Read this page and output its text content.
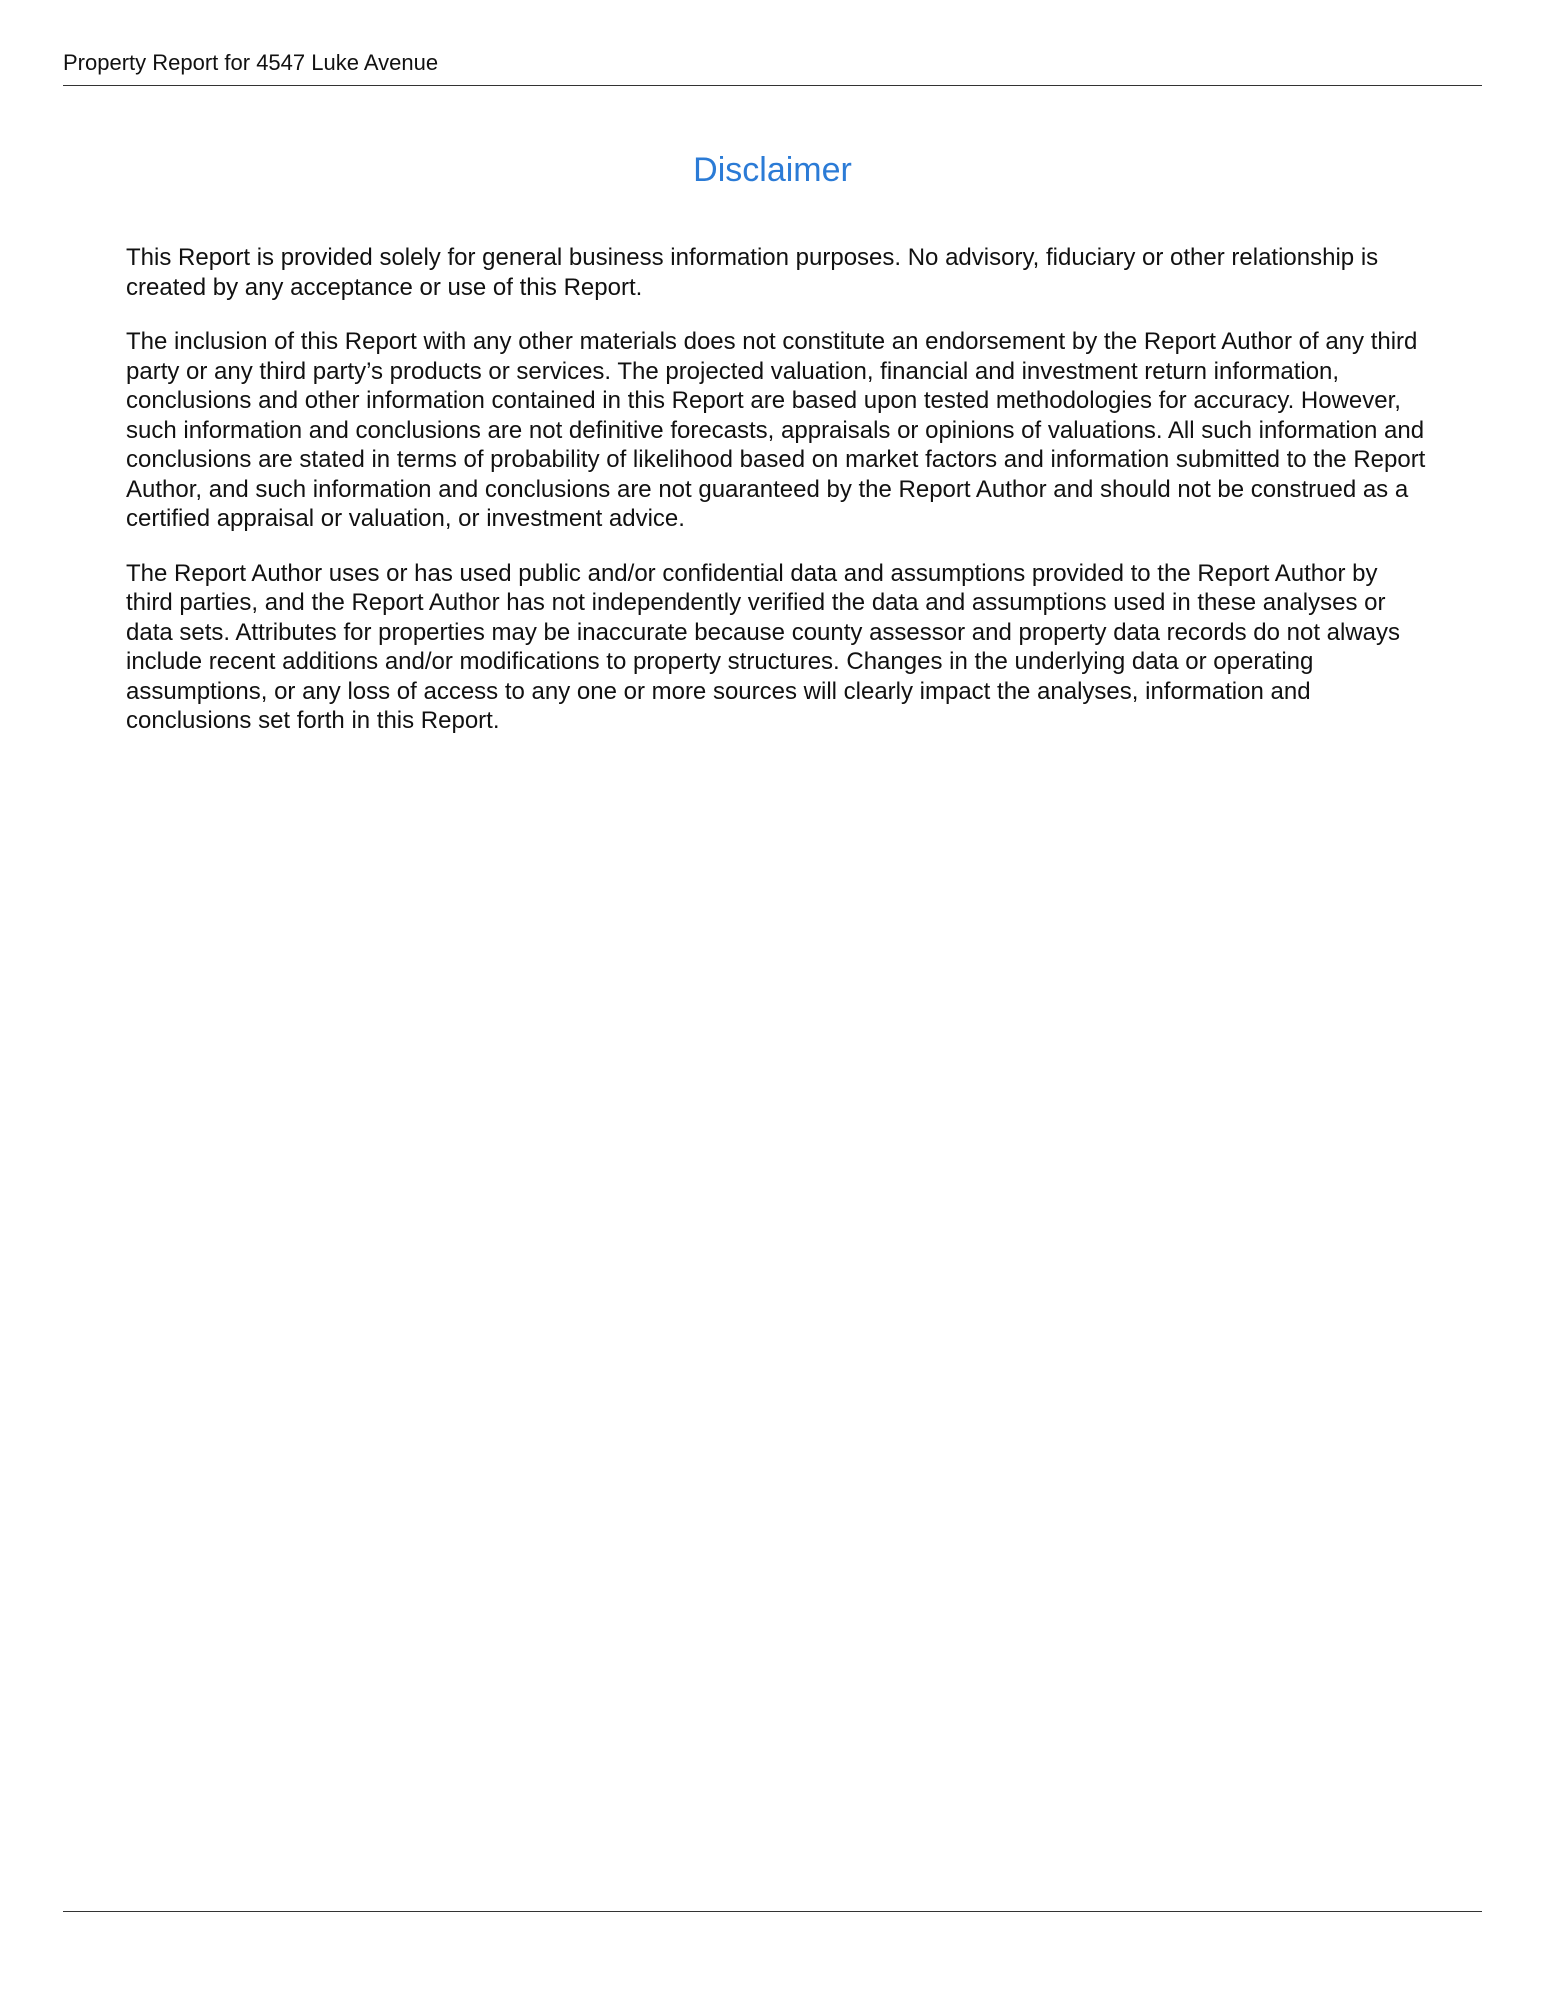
Property Report for 4547 Luke Avenue
Disclaimer

This Report is provided solely for general business information purposes. No advisory, fiduciary or other relationship is created by any acceptance or use of this Report.

The inclusion of this Report with any other materials does not constitute an endorsement by the Report Author of any third party or any third party’s products or services. The projected valuation, financial and investment return information, conclusions and other information contained in this Report are based upon tested methodologies for accuracy. However, such information and conclusions are not definitive forecasts, appraisals or opinions of valuations. All such information and conclusions are stated in terms of probability of likelihood based on market factors and information submitted to the Report Author, and such information and conclusions are not guaranteed by the Report Author and should not be construed as a certified appraisal or valuation, or investment advice.

The Report Author uses or has used public and/or confidential data and assumptions provided to the Report Author by third parties, and the Report Author has not independently verified the data and assumptions used in these analyses or data sets. Attributes for properties may be inaccurate because county assessor and property data records do not always include recent additions and/or modifications to property structures. Changes in the underlying data or operating assumptions, or any loss of access to any one or more sources will clearly impact the analyses, information and conclusions set forth in this Report.
